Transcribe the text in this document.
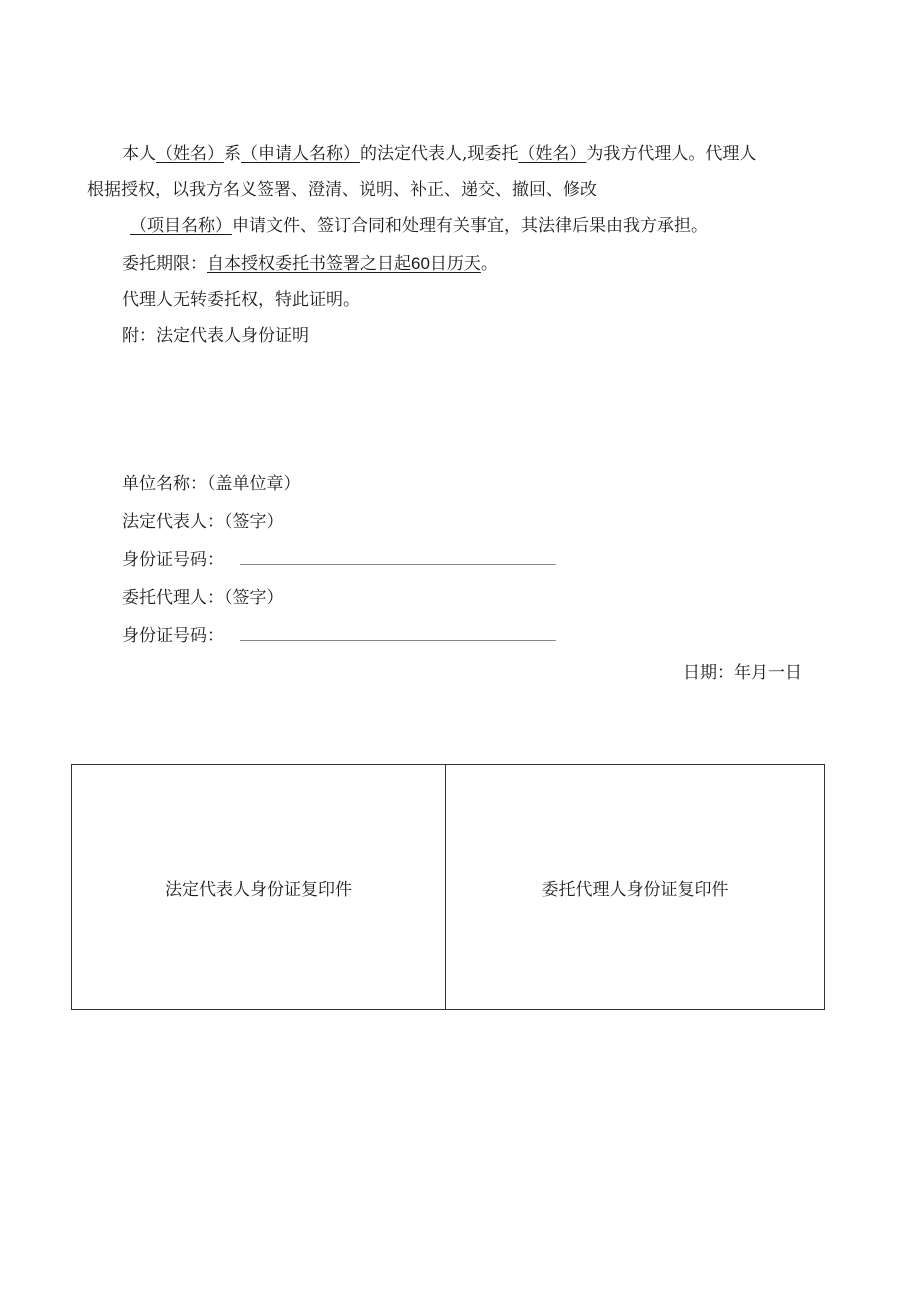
本人（姓名）系（申请人名称）的法定代表人,现委托（姓名）为我方代理人。代理人
根据授权，以我方名义签署、澄清、说明、补正、递交、撤回、修改
（项目名称）申请文件、签订合同和处理有关事宜，其法律后果由我方承担。
委托期限：自本授权委托书签署之日起60日历天。
代理人无转委托权，特此证明。
附：法定代表人身份证明
单位名称：（盖单位章）
法定代表人：（签字）
身份证号码：
委托代理人：（签字）
身份证号码：
日期：年月一日
法定代表人身份证复印件	委托代理人身份证复印件
